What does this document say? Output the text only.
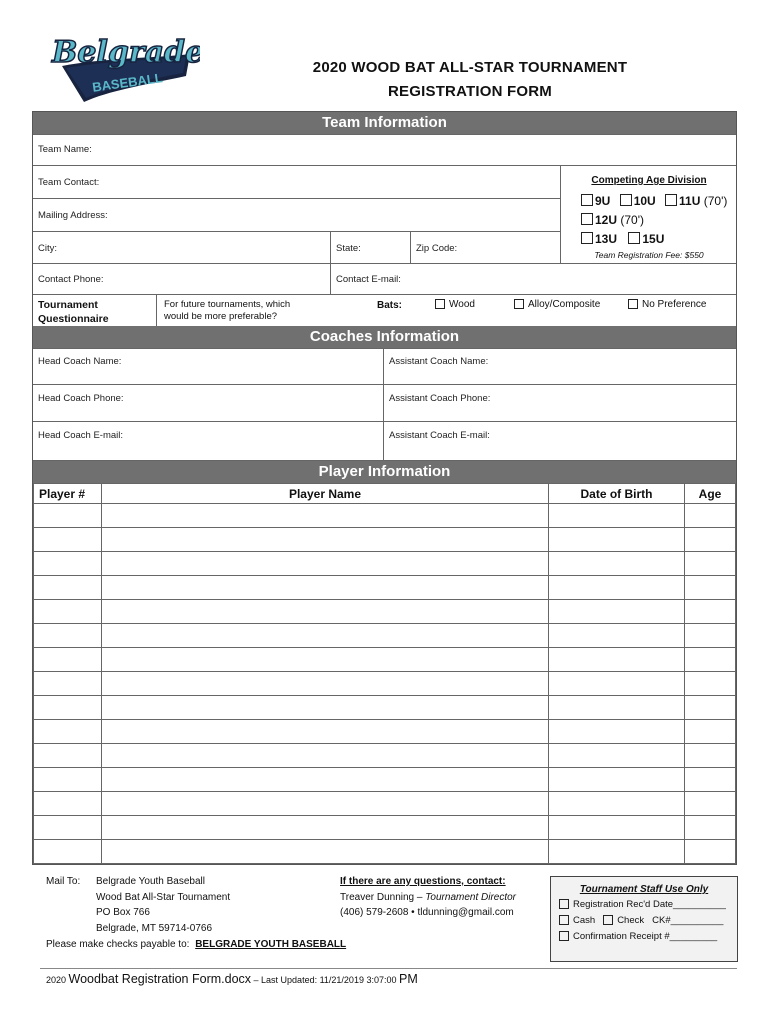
Belgrade
BASEBALL
2020 WOOD BAT ALL-STAR TOURNAMENT
REGISTRATION FORM
Team Information
Team Name:
Team Contact:
Mailing Address:
City:	State:	Zip Code:
Competing Age Division
9U 10U 11U (70')
12U (70')
13U 15U
Team Registration Fee: $550
Contact Phone:	Contact E-mail:
Tournament
Questionnaire
For future tournaments, which
would be more preferable?
Bats:	Wood	Alloy/Composite	No Preference
Coaches Information
Head Coach Name:	Assistant Coach Name:
Head Coach Phone:	Assistant Coach Phone:
Head Coach E-mail:	Assistant Coach E-mail:
Player Information
Player #	Player Name	Date of Birth	Age

Mail To: Belgrade Youth Baseball
Wood Bat All-Star Tournament
PO Box 766
Belgrade, MT 59714-0766
Please make checks payable to: BELGRADE YOUTH BASEBALL
If there are any questions, contact:
Treaver Dunning – Tournament Director
(406) 579-2608 • tldunning@gmail.com
Tournament Staff Use Only
Registration Rec'd Date__________
Cash Check CK#__________
Confirmation Receipt #_________
2020 Woodbat Registration Form.docx – Last Updated: 11/21/2019 3:07:00 PM
